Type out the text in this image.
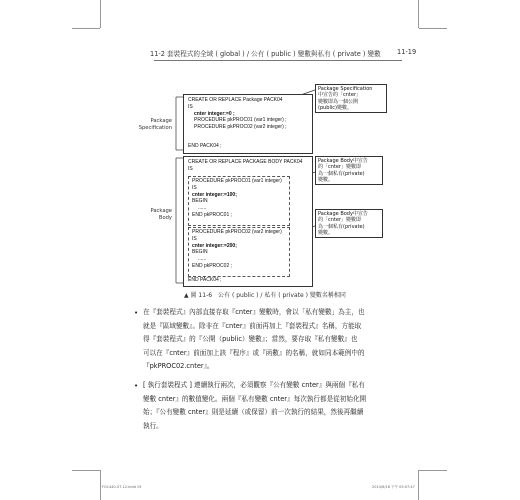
11-2 套裝程式的全域 ( global ) / 公有 ( public ) 變數與私有 ( private ) 變數 11-19
Package
Specification
Package
Body
CREATE OR REPLACE Package PACK04
IS
cnter integer:=0 ;
PROCEDURE pkPROC01 (var1 integer) ;
PROCEDURE pkPROC02 (var2 integer) ;
END PACK04 ;
CREATE OR REPLACE PACKAGE BODY PACK04
IS
PROCEDURE pkPROC01 (var1 integer)
IS
cnter integer:=100;
BEGIN
......
END pkPROC01 ;
PROCEDURE pkPROC02 (var2 integer)
IS
cnter integer:=200;
BEGIN
......
END pkPROC02 ;
END PACK04 ;
Package Specification
中宣告的「cnter」
變數即為一個公開
(public)變數。
Package Body中宣告
的「cnter」變數即
為一個私有(private)
變數。
Package Body中宣告
的「cnter」變數即
為一個私有(private)
變數。
▲ 圖 11-6　公有 ( public ) / 私有 ( private ) 變數名稱相同
• 在『套裝程式』內部直接存取『cnter』變數時，會以「私有變數」為主，也
就是『區域變數』。除非在『cnter』前面再加上『套裝程式』名稱，方能取
得『套裝程式』的『公開（public）變數』；當然，要存取『私有變數』也
可以在『cnter』前面加上該『程序』或『函數』的名稱，就如同本範例中的
『pkPROC02.cnter』。
• [ 執行套裝程式 ] 連續執行兩次，必須觀察『公有變數 cnter』與兩個『私有
變數 cnter』的數值變化。兩個『私有變數 cnter』每次執行都是從初始化開
始；『公有變數 cnter』則是延續（或保留）前一次執行的結果，然後再繼續
執行。
FG1440-07-12.indd 19	2014/6/16 下午 05:07:47
